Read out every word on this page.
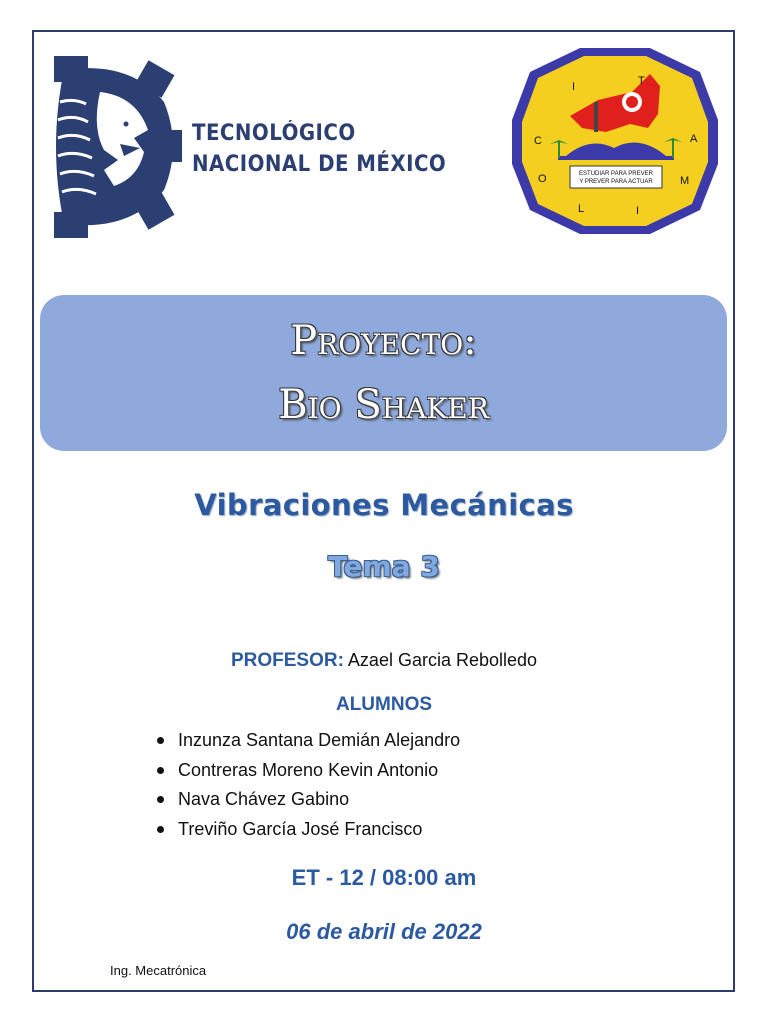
TECNOLÓGICO
NACIONAL DE MÉXICO
I	T
C	A
O	M
L	I
ESTUDIAR PARA PREVER
Y PREVER PARA ACTUAR
Proyecto:
Bio Shaker
Vibraciones Mecánicas
Tema 3
PROFESOR: Azael Garcia Rebolledo
ALUMNOS
Inzunza Santana Demián Alejandro
Contreras Moreno Kevin Antonio
Nava Chávez Gabino
Treviño García José Francisco
ET - 12 / 08:00 am
06 de abril de 2022
Ing. Mecatrónica
